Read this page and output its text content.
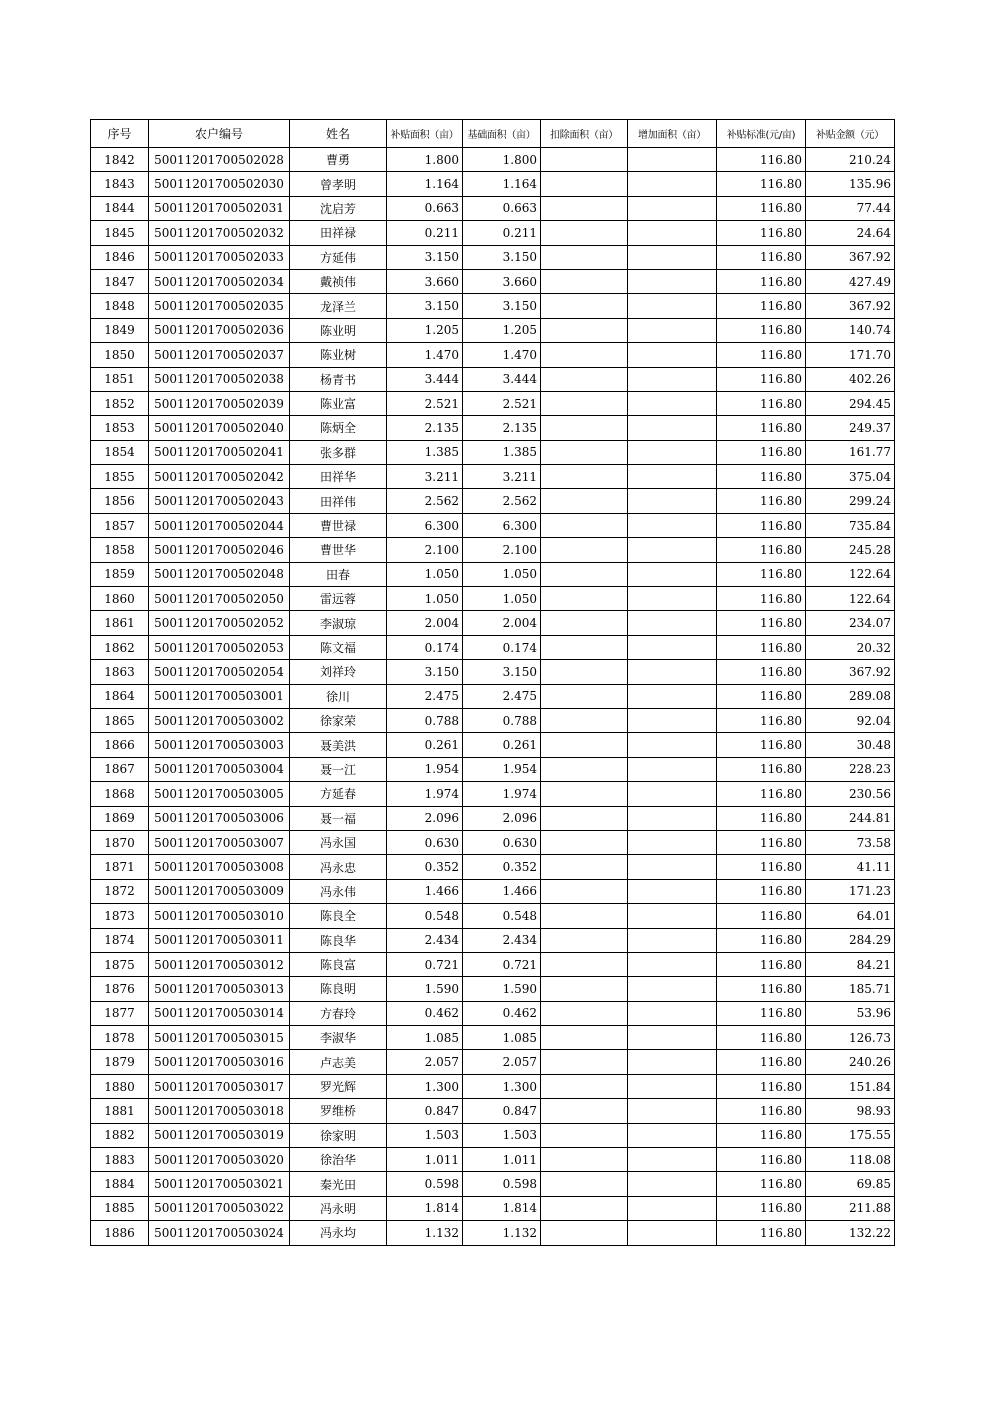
序号	农户编号	姓名	补贴面积（亩）	基础面积（亩）	扣除面积（亩）	增加面积（亩）	补贴标准(元/亩)	补贴金额（元）
1842	50011201700502028	曹勇	1.800	1.800			116.80	210.24
1843	50011201700502030	曾孝明	1.164	1.164			116.80	135.96
1844	50011201700502031	沈启芳	0.663	0.663			116.80	77.44
1845	50011201700502032	田祥禄	0.211	0.211			116.80	24.64
1846	50011201700502033	方延伟	3.150	3.150			116.80	367.92
1847	50011201700502034	戴祯伟	3.660	3.660			116.80	427.49
1848	50011201700502035	龙泽兰	3.150	3.150			116.80	367.92
1849	50011201700502036	陈业明	1.205	1.205			116.80	140.74
1850	50011201700502037	陈业树	1.470	1.470			116.80	171.70
1851	50011201700502038	杨青书	3.444	3.444			116.80	402.26
1852	50011201700502039	陈业富	2.521	2.521			116.80	294.45
1853	50011201700502040	陈炳全	2.135	2.135			116.80	249.37
1854	50011201700502041	张多群	1.385	1.385			116.80	161.77
1855	50011201700502042	田祥华	3.211	3.211			116.80	375.04
1856	50011201700502043	田祥伟	2.562	2.562			116.80	299.24
1857	50011201700502044	曹世禄	6.300	6.300			116.80	735.84
1858	50011201700502046	曹世华	2.100	2.100			116.80	245.28
1859	50011201700502048	田春	1.050	1.050			116.80	122.64
1860	50011201700502050	雷远蓉	1.050	1.050			116.80	122.64
1861	50011201700502052	李淑琼	2.004	2.004			116.80	234.07
1862	50011201700502053	陈文福	0.174	0.174			116.80	20.32
1863	50011201700502054	刘祥玲	3.150	3.150			116.80	367.92
1864	50011201700503001	徐川	2.475	2.475			116.80	289.08
1865	50011201700503002	徐家荣	0.788	0.788			116.80	92.04
1866	50011201700503003	聂美洪	0.261	0.261			116.80	30.48
1867	50011201700503004	聂一江	1.954	1.954			116.80	228.23
1868	50011201700503005	方延春	1.974	1.974			116.80	230.56
1869	50011201700503006	聂一福	2.096	2.096			116.80	244.81
1870	50011201700503007	冯永国	0.630	0.630			116.80	73.58
1871	50011201700503008	冯永忠	0.352	0.352			116.80	41.11
1872	50011201700503009	冯永伟	1.466	1.466			116.80	171.23
1873	50011201700503010	陈良全	0.548	0.548			116.80	64.01
1874	50011201700503011	陈良华	2.434	2.434			116.80	284.29
1875	50011201700503012	陈良富	0.721	0.721			116.80	84.21
1876	50011201700503013	陈良明	1.590	1.590			116.80	185.71
1877	50011201700503014	方春玲	0.462	0.462			116.80	53.96
1878	50011201700503015	李淑华	1.085	1.085			116.80	126.73
1879	50011201700503016	卢志美	2.057	2.057			116.80	240.26
1880	50011201700503017	罗光辉	1.300	1.300			116.80	151.84
1881	50011201700503018	罗维桥	0.847	0.847			116.80	98.93
1882	50011201700503019	徐家明	1.503	1.503			116.80	175.55
1883	50011201700503020	徐治华	1.011	1.011			116.80	118.08
1884	50011201700503021	秦光田	0.598	0.598			116.80	69.85
1885	50011201700503022	冯永明	1.814	1.814			116.80	211.88
1886	50011201700503024	冯永均	1.132	1.132			116.80	132.22
